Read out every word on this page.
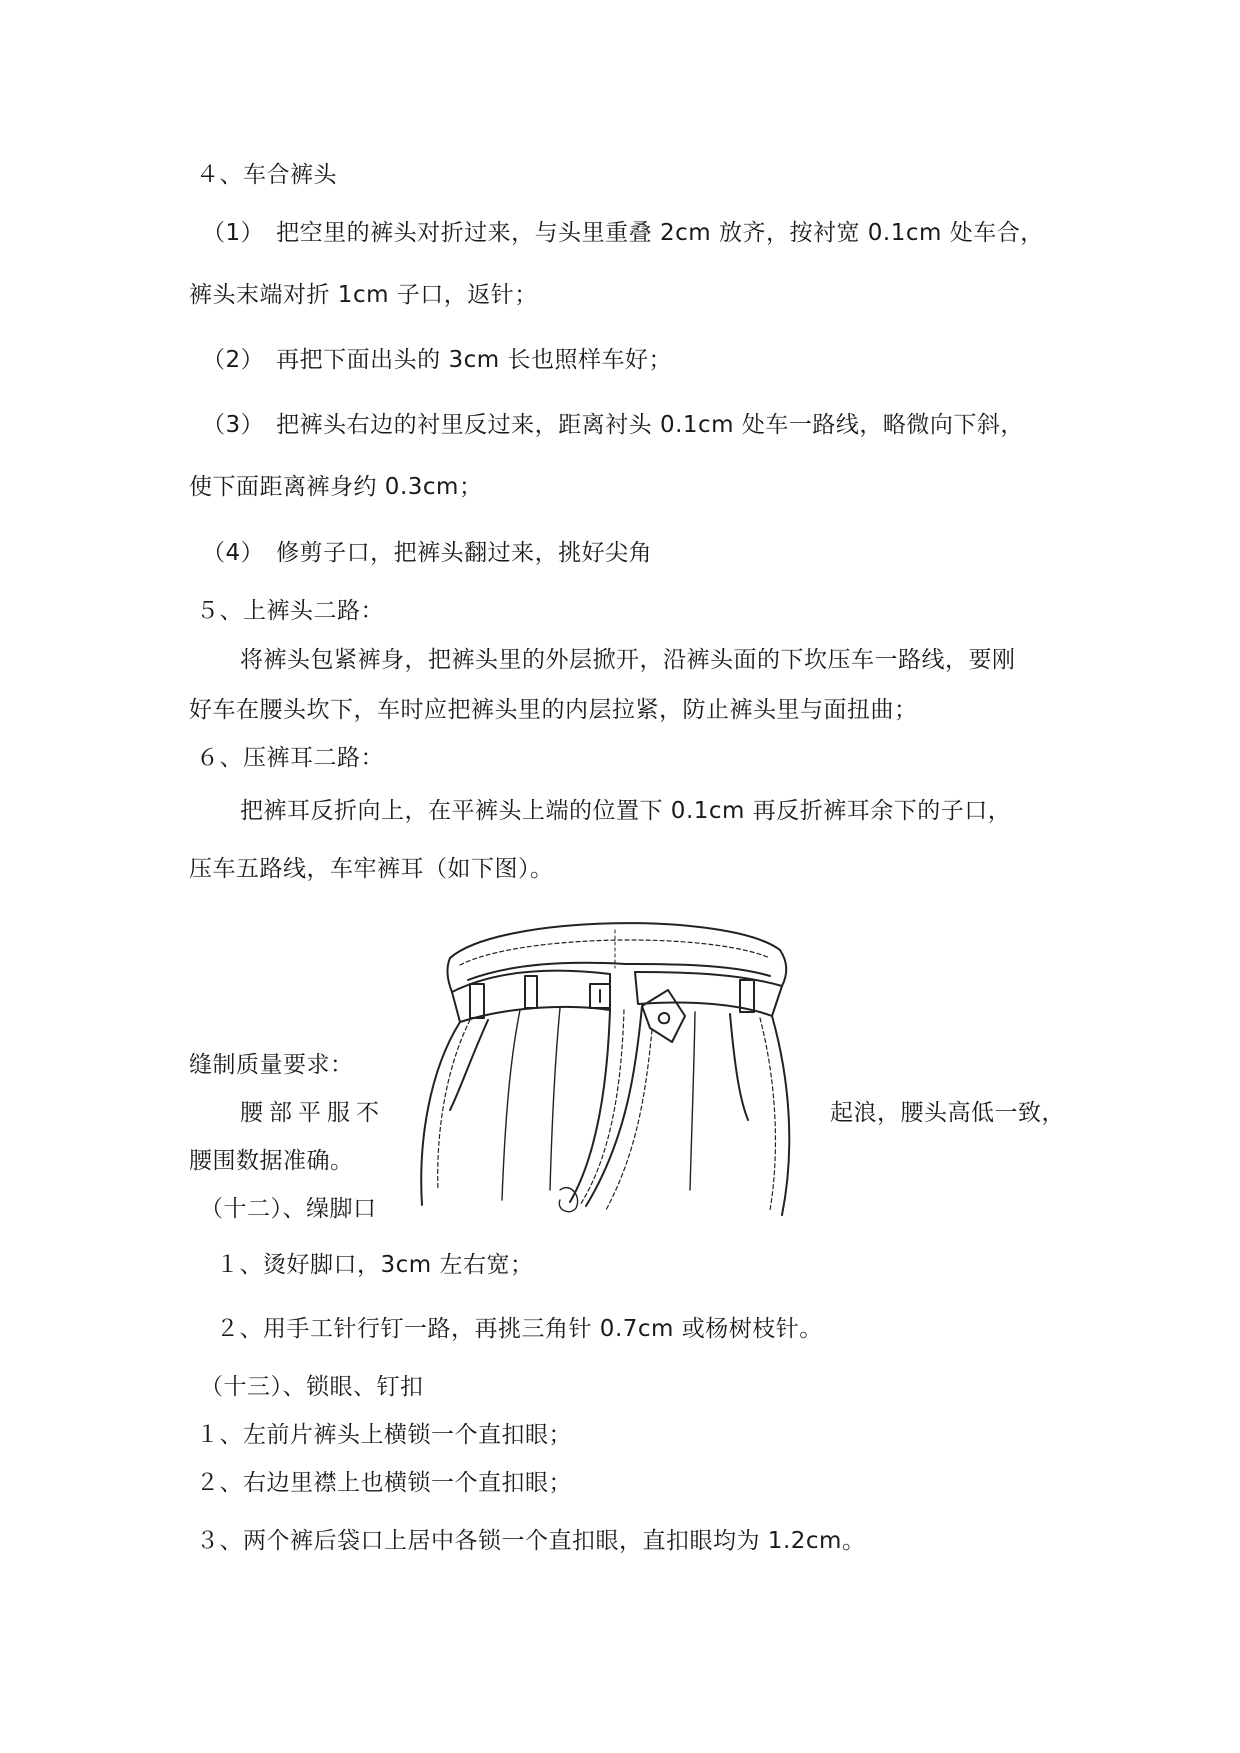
４、车合裤头
（1）　把空里的裤头对折过来，与头里重叠 2cm 放齐，按衬宽 0.1cm 处车合，
裤头末端对折 1cm 子口，返针；
（2）　再把下面出头的 3cm 长也照样车好；
（3）　把裤头右边的衬里反过来，距离衬头 0.1cm 处车一路线，略微向下斜，
使下面距离裤身约 0.3cm；
（4）　修剪子口，把裤头翻过来，挑好尖角
５、上裤头二路：
将裤头包紧裤身，把裤头里的外层掀开，沿裤头面的下坎压车一路线，要刚
好车在腰头坎下，车时应把裤头里的内层拉紧，防止裤头里与面扭曲；
６、压裤耳二路：
把裤耳反折向上，在平裤头上端的位置下 0.1cm 再反折裤耳余下的子口，
压车五路线，车牢裤耳（如下图）。
缝制质量要求：
腰部平服不	起浪，腰头高低一致，
腰围数据准确。
（十二）、缲脚口
１、烫好脚口，3cm 左右宽；
２、用手工针行钉一路，再挑三角针 0.7cm 或杨树枝针。
（十三）、锁眼、钉扣
１、左前片裤头上横锁一个直扣眼；
２、右边里襟上也横锁一个直扣眼；
３、两个裤后袋口上居中各锁一个直扣眼，直扣眼均为 1.2cm。
